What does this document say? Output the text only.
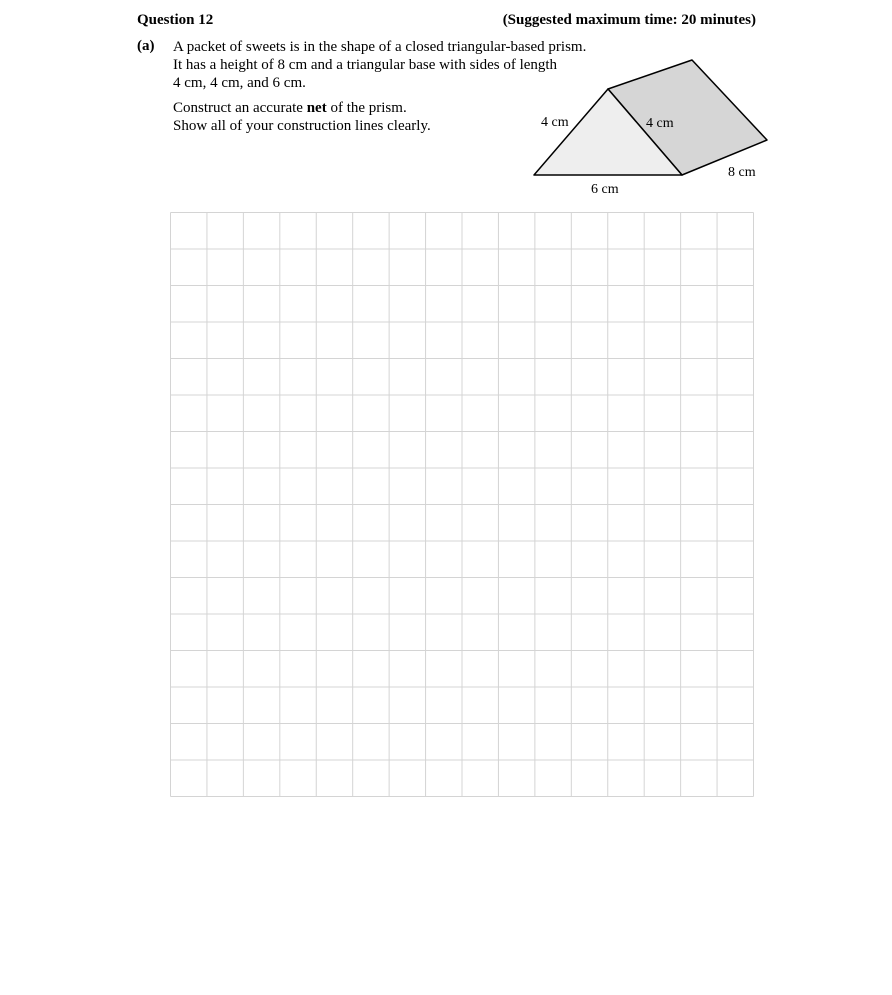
Question 12	(Suggested maximum time: 20 minutes)
(a) A packet of sweets is in the shape of a closed triangular-based prism.

It has a height of 8 cm and a triangular base with sides of length

4 cm, 4 cm, and 6 cm.

Construct an accurate net of the prism.

Show all of your construction lines clearly.	4 cm	4 cm
6 cm
8 cm
